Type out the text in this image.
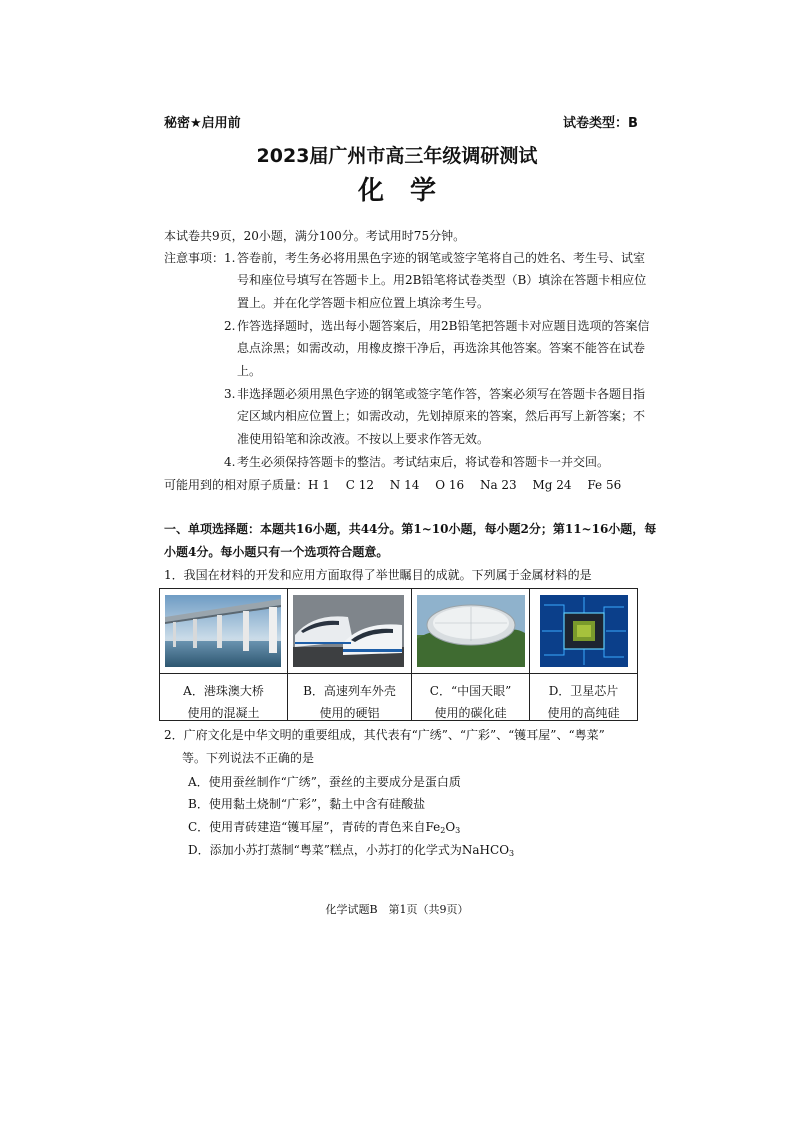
秘密★启用前	试卷类型：B
2023届广州市高三年级调研测试
化学
本试卷共9页，20小题，满分100分。考试用时75分钟。
注意事项： 1. 答卷前，考生务必将用黑色字迹的钢笔或签字笔将自己的姓名、考生号、试室
号和座位号填写在答题卡上。用2B铅笔将试卷类型（B）填涂在答题卡相应位
置上。并在化学答题卡相应位置上填涂考生号。
2. 作答选择题时，选出每小题答案后，用2B铅笔把答题卡对应题目选项的答案信
息点涂黑；如需改动，用橡皮擦干净后，再选涂其他答案。答案不能答在试卷
上。
3. 非选择题必须用黑色字迹的钢笔或签字笔作答，答案必须写在答题卡各题目指
定区域内相应位置上；如需改动，先划掉原来的答案，然后再写上新答案；不
准使用铅笔和涂改液。不按以上要求作答无效。
4. 考生必须保持答题卡的整洁。考试结束后，将试卷和答题卡一并交回。
可能用到的相对原子质量：H 1　 C 12　 N 14　 O 16　 Na 23　 Mg 24　 Fe 56
一、单项选择题：本题共16小题，共44分。第1~10小题，每小题2分；第11~16小题，每
小题4分。每小题只有一个选项符合题意。
1．我国在材料的开发和应用方面取得了举世瞩目的成就。下列属于金属材料的是
A．港珠澳大桥
使用的混凝土
B．高速列车外壳
使用的硬铝
C．“中国天眼”
使用的碳化硅
D．卫星芯片
使用的高纯硅
2．广府文化是中华文明的重要组成，其代表有“广绣”、“广彩”、“镬耳屋”、“粤菜”
等。下列说法不正确的是
A．使用蚕丝制作“广绣”，蚕丝的主要成分是蛋白质
B．使用黏土烧制“广彩”，黏土中含有硅酸盐
C．使用青砖建造“镬耳屋”，青砖的青色来自$Fe_2O_3$
D．添加小苏打蒸制“粤菜”糕点，小苏打的化学式为NaHCO$_3$
化学试题B　第1页（共9页）
